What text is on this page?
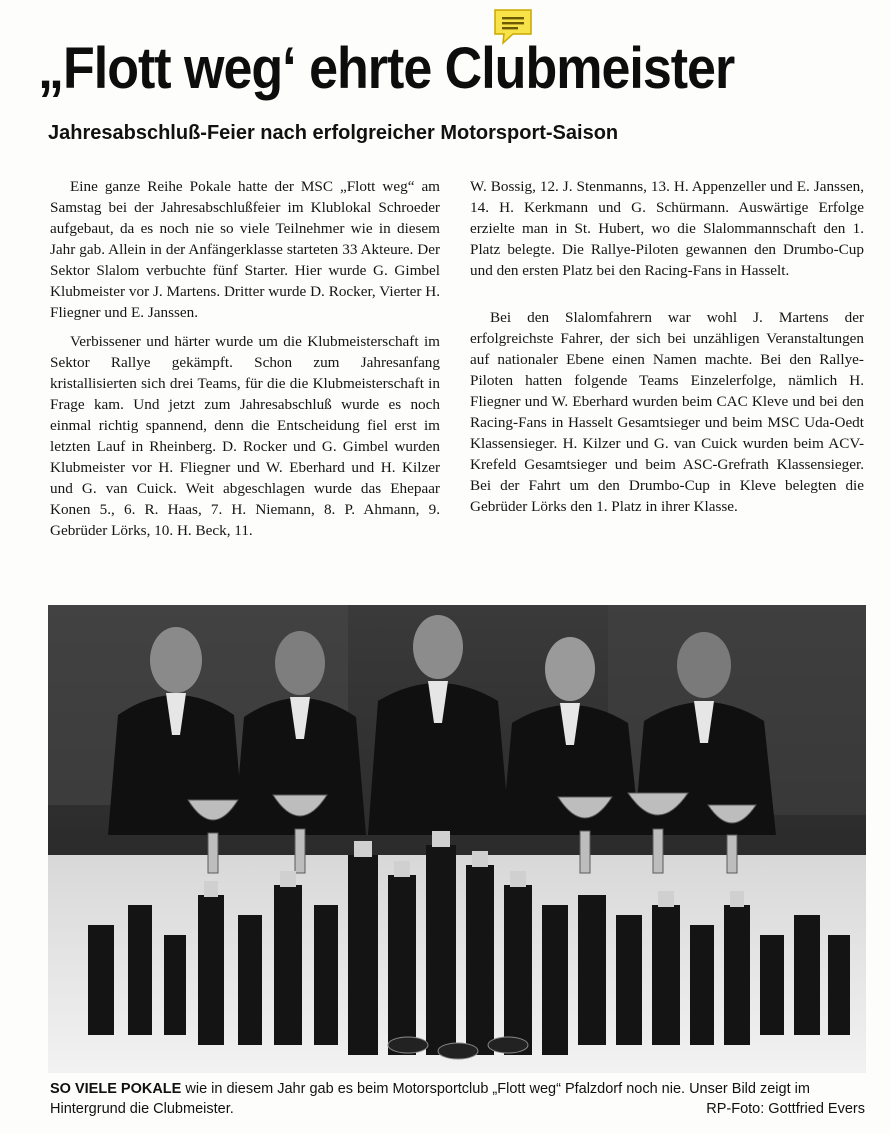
„Flott weg‘ ehrte Clubmeister
Jahresabschluß-Feier nach erfolgreicher Motorsport-Saison

Eine ganze Reihe Pokale hatte der MSC „Flott weg“ am Samstag bei der Jahresabschlußfeier im Klublokal Schroeder aufgebaut, da es noch nie so viele Teilnehmer wie in diesem Jahr gab. Allein in der Anfängerklasse starteten 33 Akteure. Der Sektor Slalom verbuchte fünf Starter. Hier wurde G. Gimbel Klubmeister vor J. Martens. Dritter wurde D. Rocker, Vierter H. Fliegner und E. Janssen.

Verbissener und härter wurde um die Klubmeisterschaft im Sektor Rallye gekämpft. Schon zum Jahresanfang kristallisierten sich drei Teams, für die die Klubmeisterschaft in Frage kam. Und jetzt zum Jahresabschluß wurde es noch einmal richtig spannend, denn die Entscheidung fiel erst im letzten Lauf in Rheinberg. D. Rocker und G. Gimbel wurden Klubmeister vor H. Fliegner und W. Eberhard und H. Kilzer und G. van Cuick. Weit abgeschlagen wurde das Ehepaar Konen 5., 6. R. Haas, 7. H. Niemann, 8. P. Ahmann, 9. Gebrüder Lörks, 10. H. Beck, 11.

W. Bossig, 12. J. Stenmanns, 13. H. Appenzeller und E. Janssen, 14. H. Kerkmann und G. Schürmann. Auswärtige Erfolge erzielte man in St. Hubert, wo die Slalommannschaft den 1. Platz belegte. Die Rallye-Piloten gewannen den Drumbo-Cup und den ersten Platz bei den Racing-Fans in Hasselt.

Bei den Slalomfahrern war wohl J. Martens der erfolgreichste Fahrer, der sich bei unzähligen Veranstaltungen auf nationaler Ebene einen Namen machte. Bei den Rallye-Piloten hatten folgende Teams Einzelerfolge, nämlich H. Fliegner und W. Eberhard wurden beim CAC Kleve und bei den Racing-Fans in Hasselt Gesamtsieger und beim MSC Uda-Oedt Klassensieger. H. Kilzer und G. van Cuick wurden beim ACV-Krefeld Gesamtsieger und beim ASC-Grefrath Klassensieger. Bei der Fahrt um den Drumbo-Cup in Kleve belegten die Gebrüder Lörks den 1. Platz in ihrer Klasse.

SO VIELE POKALE wie in diesem Jahr gab es beim Motorsportclub „Flott weg“ Pfalzdorf noch nie. Unser Bild zeigt im Hintergrund die Clubmeister.	RP-Foto: Gottfried Evers
